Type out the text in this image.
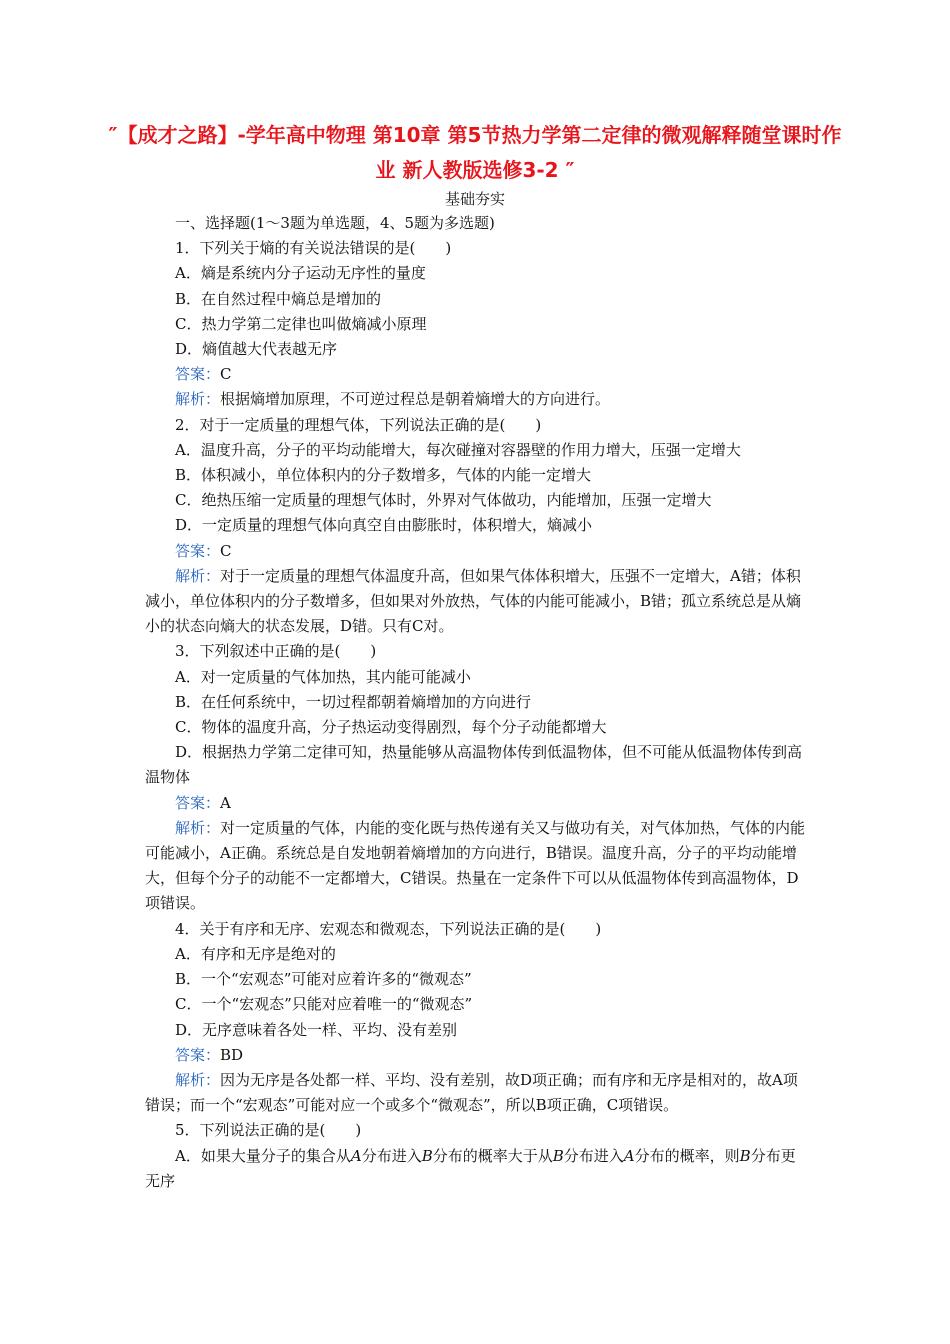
″【成才之路】-学年高中物理 第10章 第5节热力学第二定律的微观解释随堂课时作业 新人教版选修3-2 ″
基础夯实

一、选择题(1～3题为单选题，4、5题为多选题)

1．下列关于熵的有关说法错误的是(　　)

A．熵是系统内分子运动无序性的量度

B．在自然过程中熵总是增加的

C．热力学第二定律也叫做熵减小原理

D．熵值越大代表越无序

答案：C

解析：根据熵增加原理，不可逆过程总是朝着熵增大的方向进行。

2．对于一定质量的理想气体，下列说法正确的是(　　)

A．温度升高，分子的平均动能增大，每次碰撞对容器壁的作用力增大，压强一定增大

B．体积减小，单位体积内的分子数增多，气体的内能一定增大

C．绝热压缩一定质量的理想气体时，外界对气体做功，内能增加，压强一定增大

D．一定质量的理想气体向真空自由膨胀时，体积增大，熵减小

答案：C

解析：对于一定质量的理想气体温度升高，但如果气体体积增大，压强不一定增大，A错；体积减小，单位体积内的分子数增多，但如果对外放热，气体的内能可能减小，B错；孤立系统总是从熵小的状态向熵大的状态发展，D错。只有C对。

3．下列叙述中正确的是(　　)

A．对一定质量的气体加热，其内能可能减小

B．在任何系统中，一切过程都朝着熵增加的方向进行

C．物体的温度升高，分子热运动变得剧烈，每个分子动能都增大

D．根据热力学第二定律可知，热量能够从高温物体传到低温物体，但不可能从低温物体传到高温物体

答案：A

解析：对一定质量的气体，内能的变化既与热传递有关又与做功有关，对气体加热，气体的内能可能减小，A正确。系统总是自发地朝着熵增加的方向进行，B错误。温度升高，分子的平均动能增大，但每个分子的动能不一定都增大，C错误。热量在一定条件下可以从低温物体传到高温物体，D项错误。

4．关于有序和无序、宏观态和微观态，下列说法正确的是(　　)

A．有序和无序是绝对的

B．一个“宏观态”可能对应着许多的“微观态”

C．一个“宏观态”只能对应着唯一的“微观态”

D．无序意味着各处一样、平均、没有差别

答案：BD

解析：因为无序是各处都一样、平均、没有差别，故D项正确；而有序和无序是相对的，故A项错误；而一个“宏观态”可能对应一个或多个“微观态”，所以B项正确，C项错误。

5．下列说法正确的是(　　)

A．如果大量分子的集合从A分布进入B分布的概率大于从B分布进入A分布的概率，则B分布更无序
